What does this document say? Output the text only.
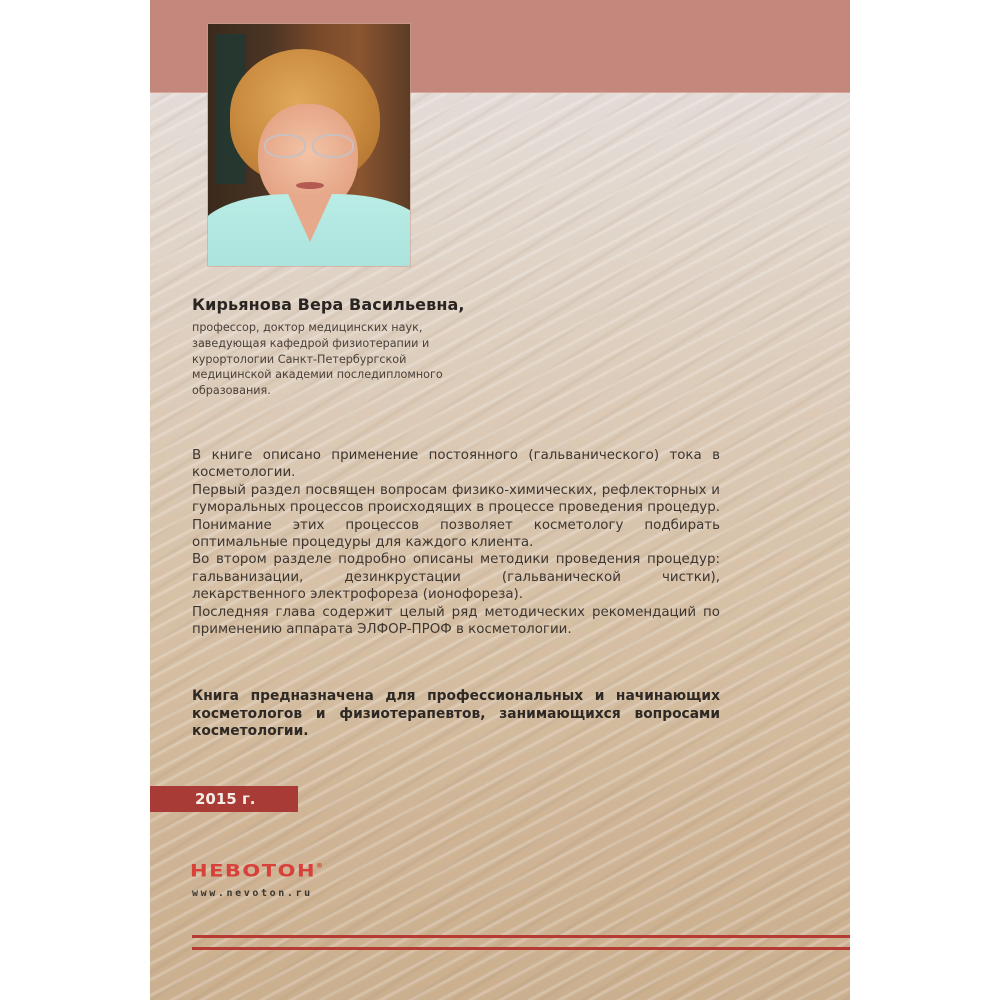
Кирьянова Вера Васильевна,
профессор, доктор медицинских наук,
заведующая кафедрой физиотерапии и
курортологии Санкт-Петербургской
медицинской академии последипломного
образования.

В книге описано применение постоянного (гальванического) тока в косметологии.

Первый раздел посвящен вопросам физико-химических, рефлекторных и гуморальных процессов происходящих в процессе проведения процедур. Понимание этих процессов позволяет косметологу подбирать оптимальные процедуры для каждого клиента.

Во втором разделе подробно описаны методики проведения процедур: гальванизации, дезинкрустации (гальванической чистки), лекарственного электрофореза (ионофореза).

Последняя глава содержит целый ряд методических рекомендаций по применению аппарата ЭЛФОР-ПРОФ в косметологии.

Книга предназначена для профессиональных и начинающих косметологов и физиотерапевтов, занимающихся вопросами косметологии.
2015 г.
НЕВОТОН®
www.nevoton.ru
